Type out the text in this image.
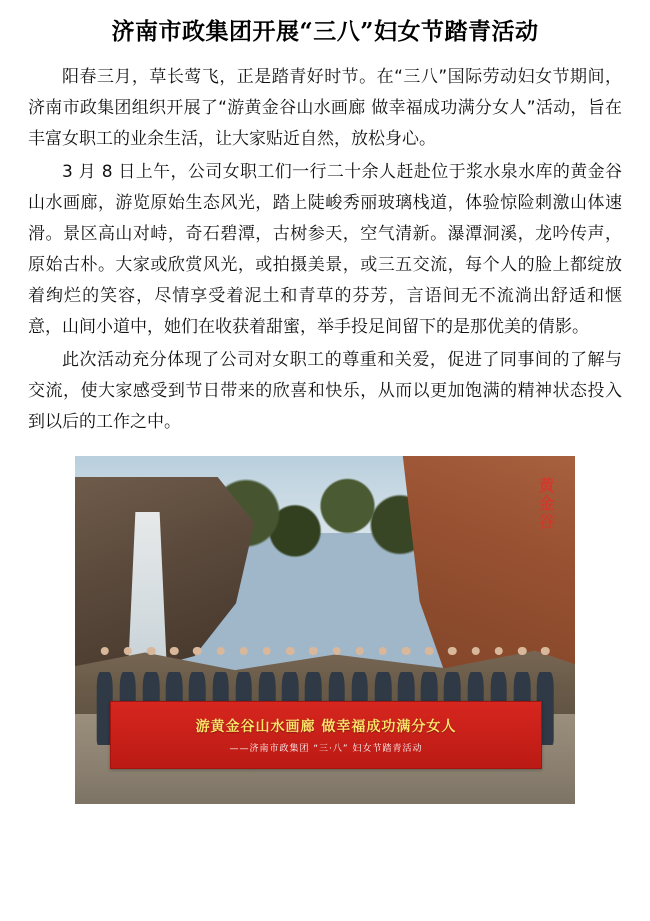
济南市政集团开展“三八”妇女节踏青活动

阳春三月，草长莺飞，正是踏青好时节。在“三八”国际劳动妇女节期间，济南市政集团组织开展了“游黄金谷山水画廊 做幸福成功满分女人”活动，旨在丰富女职工的业余生活，让大家贴近自然，放松身心。

3 月 8 日上午，公司女职工们一行二十余人赶赴位于浆水泉水库的黄金谷山水画廊，游览原始生态风光，踏上陡峻秀丽玻璃栈道，体验惊险刺激山体速滑。景区高山对峙，奇石碧潭，古树参天，空气清新。瀑潭洞溪，龙吟传声，原始古朴。大家或欣赏风光，或拍摄美景，或三五交流，每个人的脸上都绽放着绚烂的笑容，尽情享受着泥土和青草的芬芳，言语间无不流淌出舒适和惬意，山间小道中，她们在收获着甜蜜，举手投足间留下的是那优美的倩影。

此次活动充分体现了公司对女职工的尊重和关爱，促进了同事间的了解与交流，使大家感受到节日带来的欣喜和快乐，从而以更加饱满的精神状态投入到以后的工作之中。

黄金谷
游黄金谷山水画廊 做幸福成功满分女人
——济南市政集团 “三·八” 妇女节踏青活动
